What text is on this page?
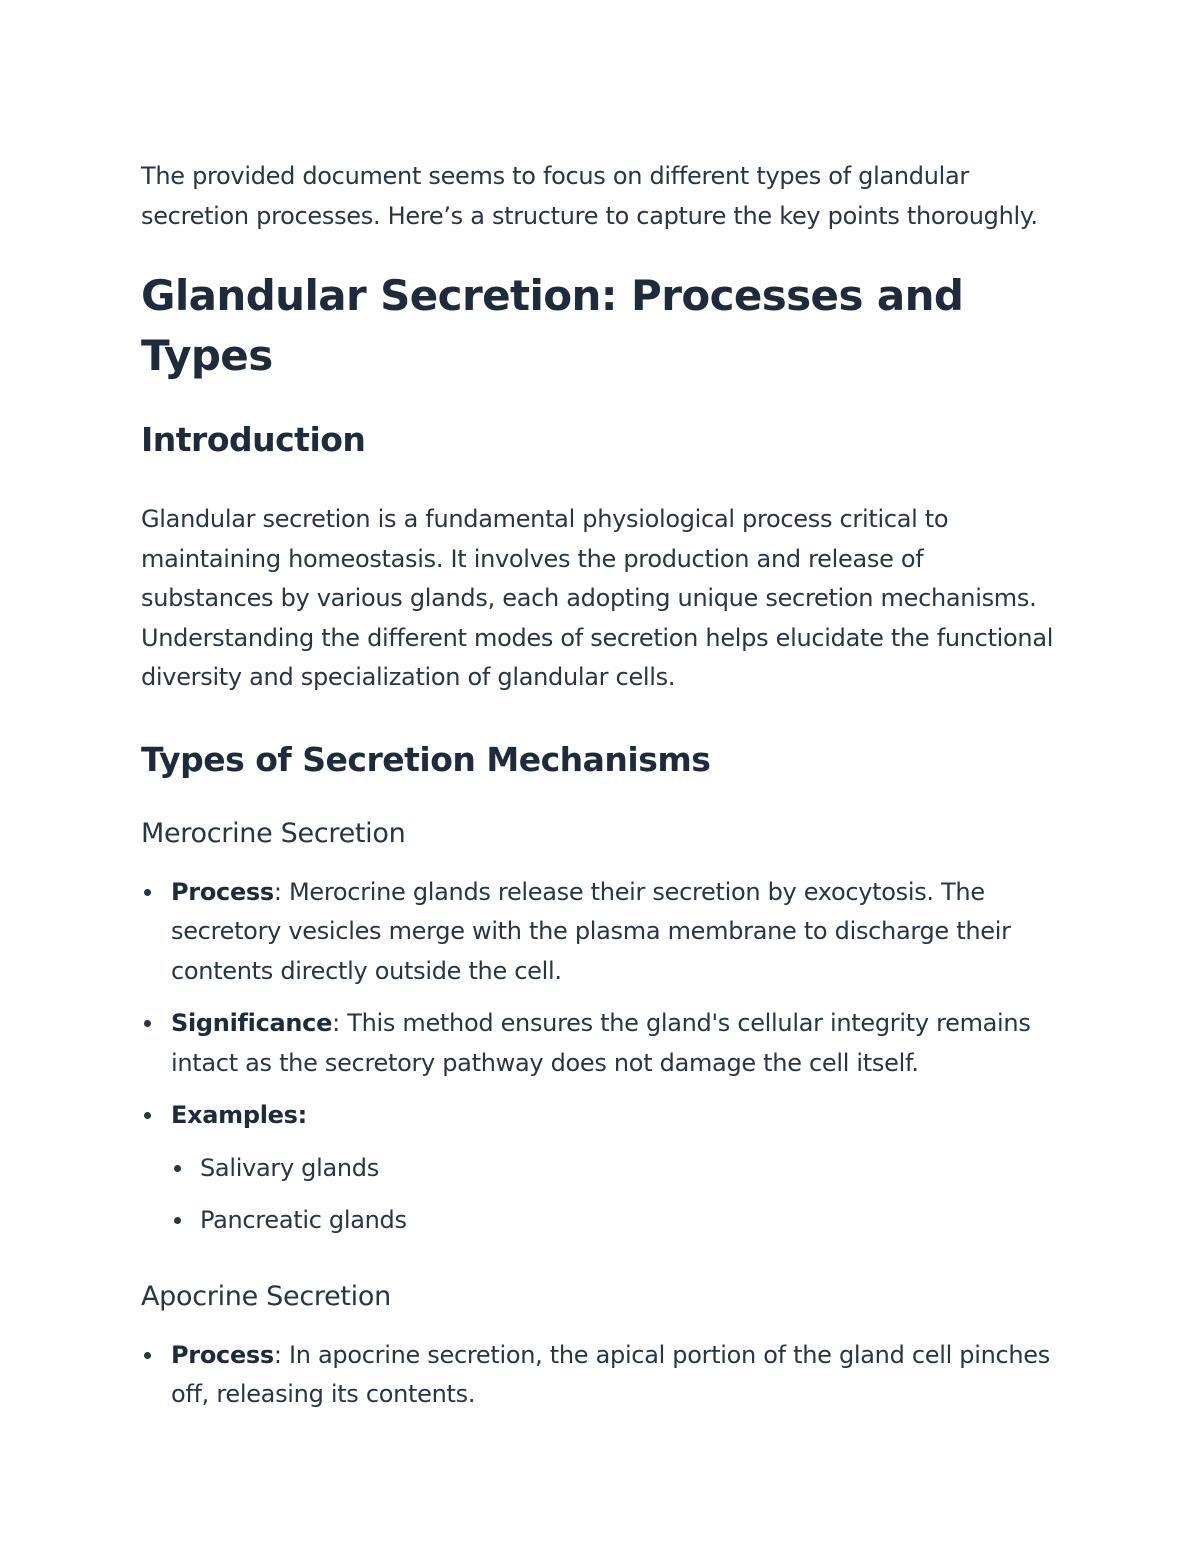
The provided document seems to focus on different types of glandular secretion processes. Here’s a structure to capture the key points thoroughly.

Glandular Secretion: Processes and Types
Introduction

Glandular secretion is a fundamental physiological process critical to maintaining homeostasis. It involves the production and release of substances by various glands, each adopting unique secretion mechanisms. Understanding the different modes of secretion helps elucidate the functional diversity and specialization of glandular cells.

Types of Secretion Mechanisms
Merocrine Secretion
Process: Merocrine glands release their secretion by exocytosis. The secretory vesicles merge with the plasma membrane to discharge their contents directly outside the cell.
Significance: This method ensures the gland's cellular integrity remains intact as the secretory pathway does not damage the cell itself.
Examples:
Salivary glands
Pancreatic glands
Apocrine Secretion
Process: In apocrine secretion, the apical portion of the gland cell pinches off, releasing its contents.
